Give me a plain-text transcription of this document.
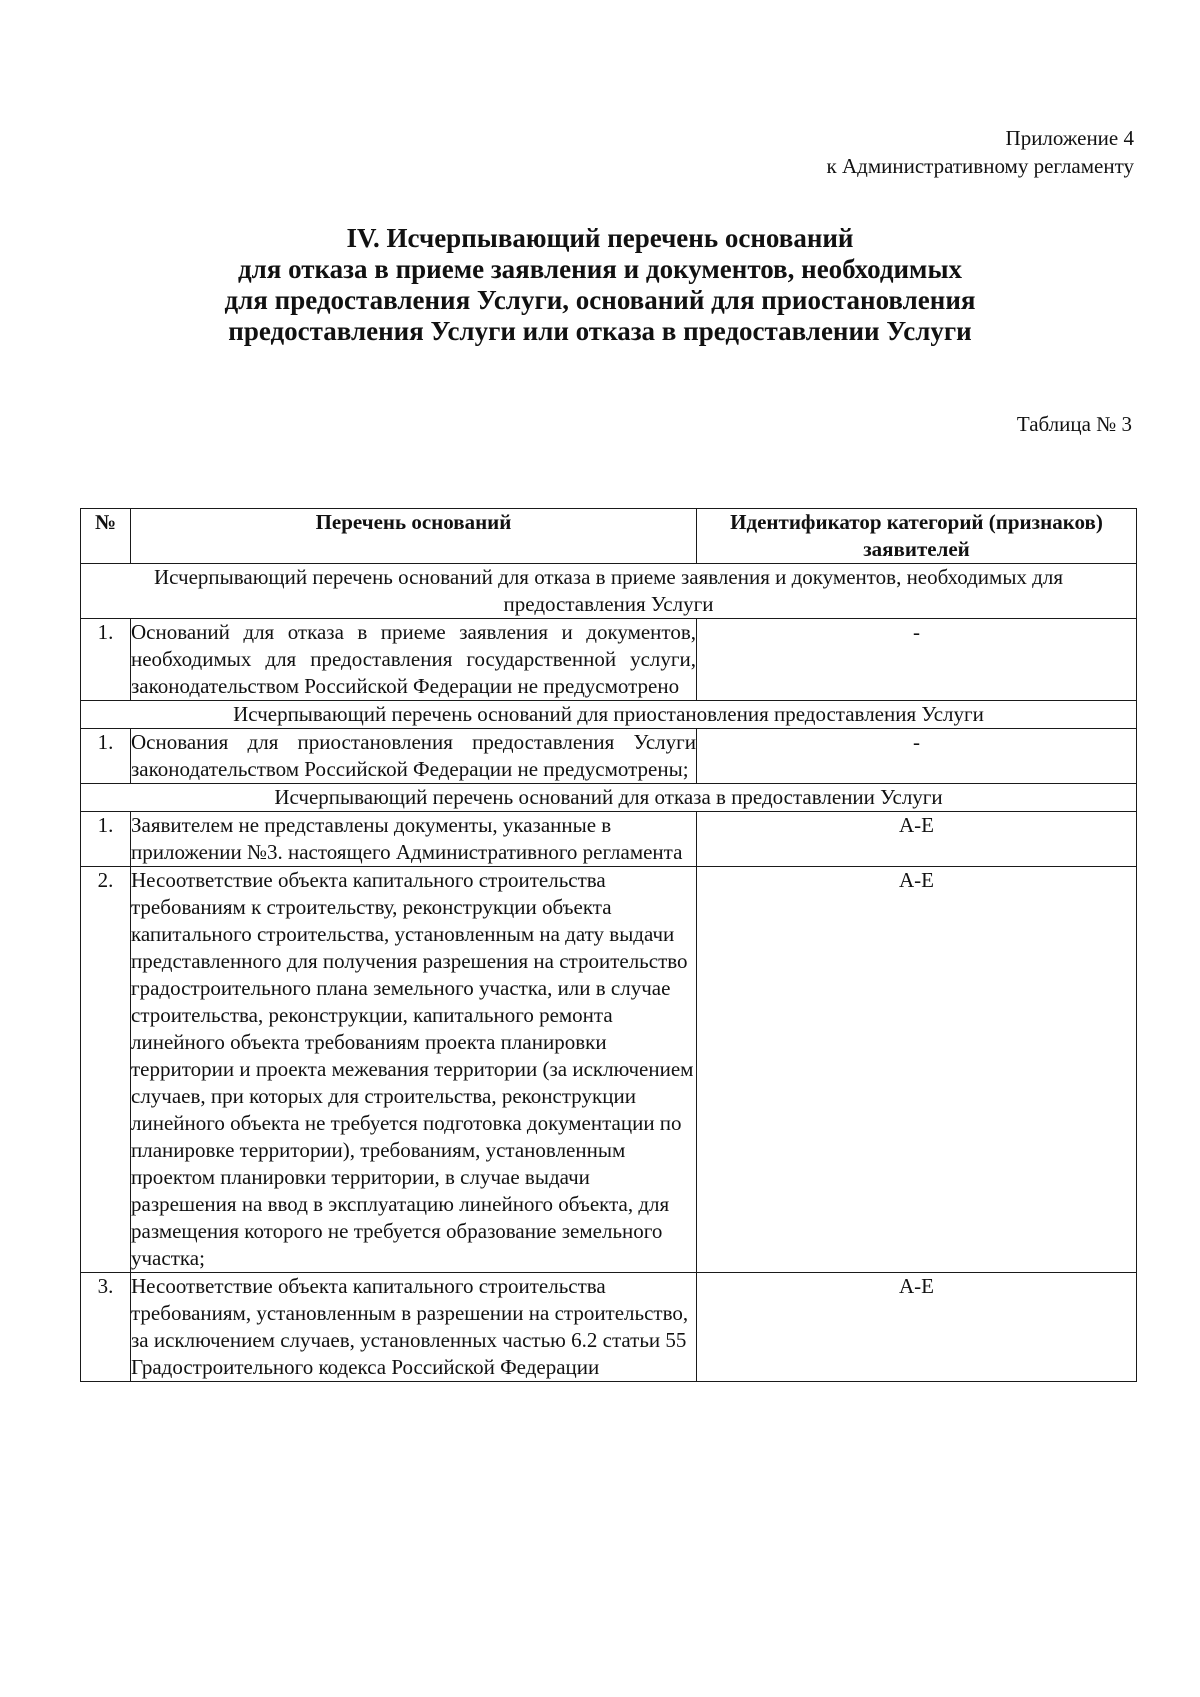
Приложение 4
к Административному регламенту
IV. Исчерпывающий перечень оснований
для отказа в приеме заявления и документов, необходимых
для предоставления Услуги, оснований для приостановления
предоставления Услуги или отказа в предоставлении Услуги
Таблица № 3
№	Перечень оснований	Идентификатор категорий (признаков) заявителей
Исчерпывающий перечень оснований для отказа в приеме заявления и документов, необходимых для предоставления Услуги		
1.	Оснований для отказа в приеме заявления и документов, необходимых для предоставления государственной услуги, законодательством Российской Федерации не предусмотрено	-
Исчерпывающий перечень оснований для приостановления предоставления Услуги		
1.	Основания для приостановления предоставления Услуги законодательством Российской Федерации не предусмотрены;	-
Исчерпывающий перечень оснований для отказа в предоставлении Услуги		
1.	Заявителем не представлены документы, указанные в приложении №3. настоящего Административного регламента	А-Е
2.	Несоответствие объекта капитального строительства требованиям к строительству, реконструкции объекта капитального строительства, установленным на дату выдачи представленного для получения разрешения на строительство градостроительного плана земельного участка, или в случае строительства, реконструкции, капитального ремонта линейного объекта требованиям проекта планировки территории и проекта межевания территории (за исключением случаев, при которых для строительства, реконструкции линейного объекта не требуется подготовка документации по планировке территории), требованиям, установленным проектом планировки территории, в случае выдачи разрешения на ввод в эксплуатацию линейного объекта, для размещения которого не требуется образование земельного участка;	А-Е
3.	Несоответствие объекта капитального строительства требованиям, установленным в разрешении на строительство, за исключением случаев, установленных частью 6.2 статьи 55 Градостроительного кодекса Российской Федерации	А-Е
